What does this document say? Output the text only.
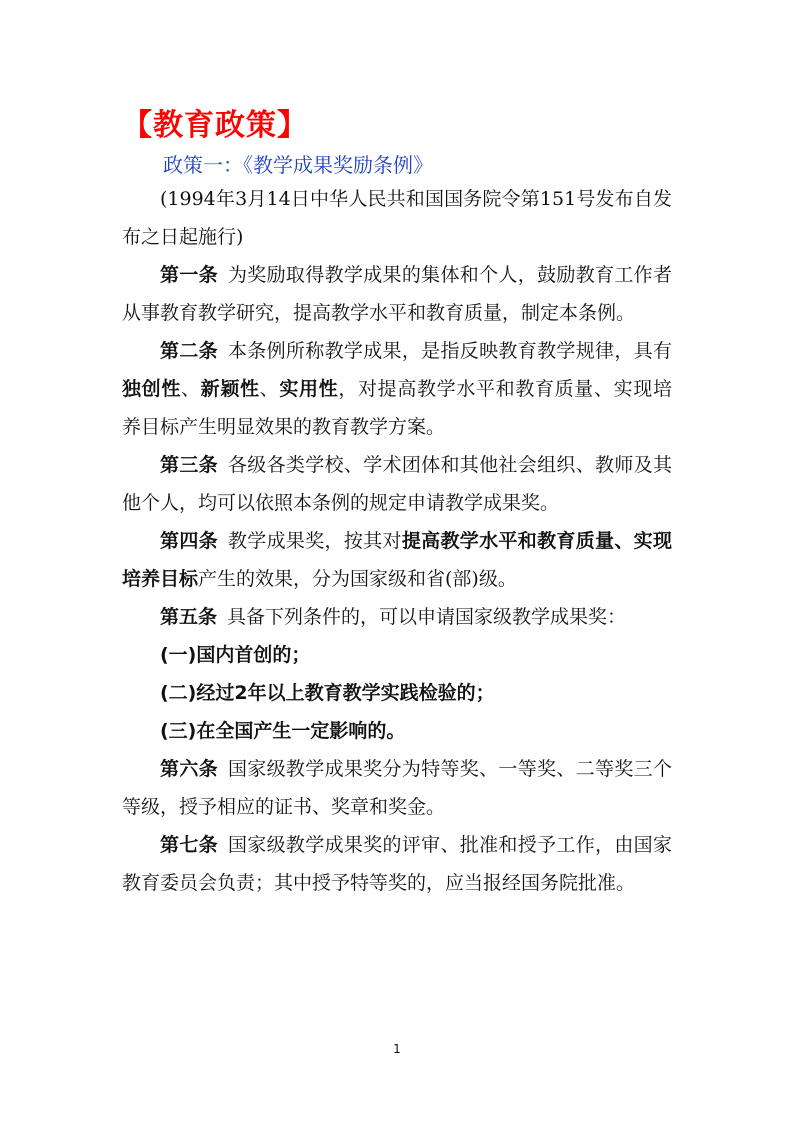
【教育政策】
政策一：《教学成果奖励条例》

(1994年3月14日中华人民共和国国务院令第151号发布自发布之日起施行)

第一条 为奖励取得教学成果的集体和个人，鼓励教育工作者从事教育教学研究，提高教学水平和教育质量，制定本条例。

第二条 本条例所称教学成果，是指反映教育教学规律，具有独创性、新颖性、实用性，对提高教学水平和教育质量、实现培养目标产生明显效果的教育教学方案。

第三条 各级各类学校、学术团体和其他社会组织、教师及其他个人，均可以依照本条例的规定申请教学成果奖。

第四条 教学成果奖，按其对提高教学水平和教育质量、实现培养目标产生的效果，分为国家级和省(部)级。

第五条 具备下列条件的，可以申请国家级教学成果奖：

(一)国内首创的；

(二)经过2年以上教育教学实践检验的；

(三)在全国产生一定影响的。

第六条 国家级教学成果奖分为特等奖、一等奖、二等奖三个等级，授予相应的证书、奖章和奖金。

第七条 国家级教学成果奖的评审、批准和授予工作，由国家教育委员会负责；其中授予特等奖的，应当报经国务院批准。

1
